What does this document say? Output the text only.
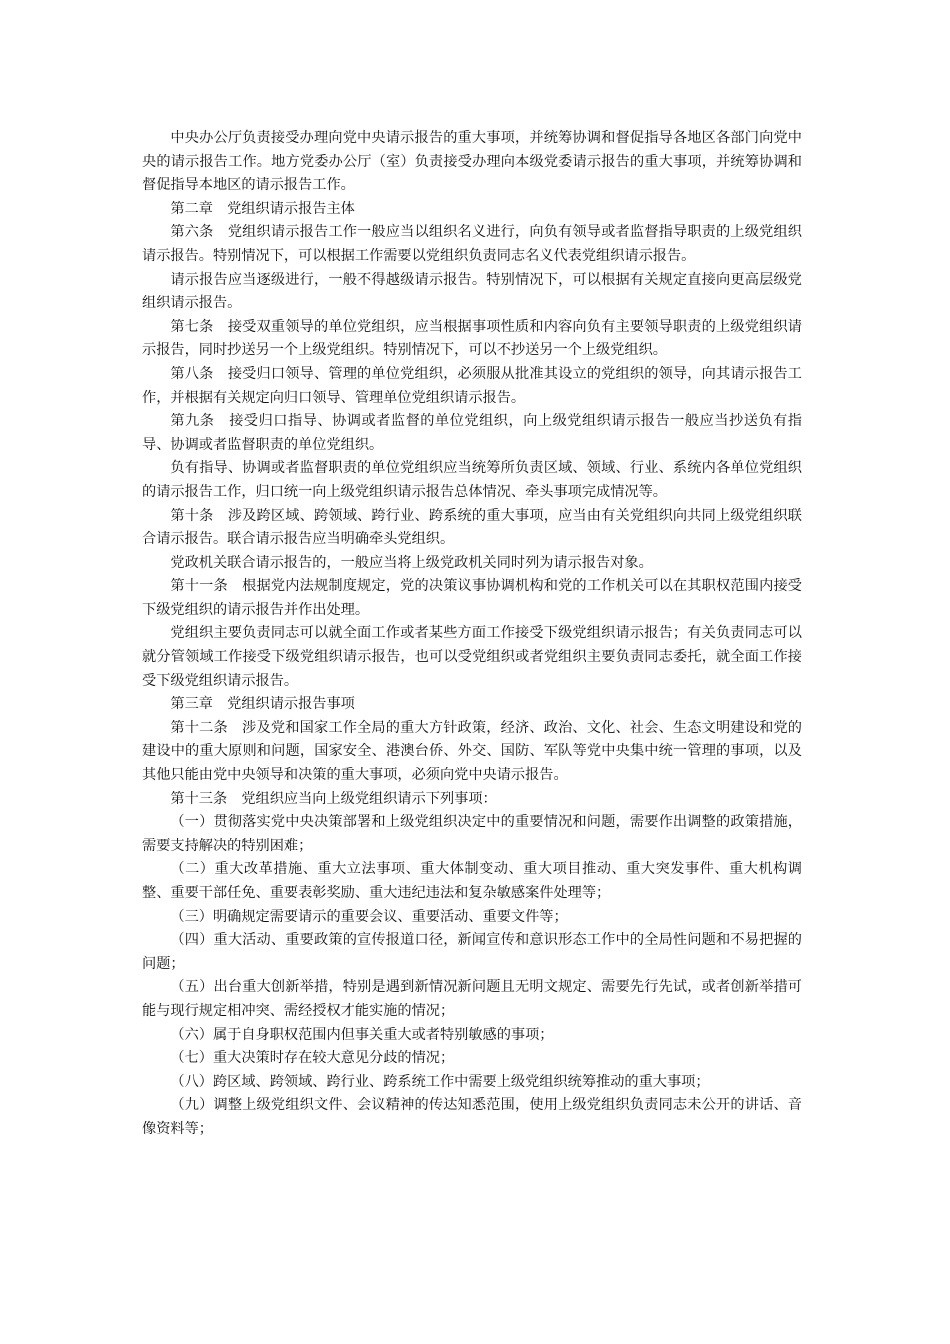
中央办公厅负责接受办理向党中央请示报告的重大事项，并统筹协调和督促指导各地区各部门向党中央的请示报告工作。地方党委办公厅（室）负责接受办理向本级党委请示报告的重大事项，并统筹协调和督促指导本地区的请示报告工作。

第二章　党组织请示报告主体

第六条　党组织请示报告工作一般应当以组织名义进行，向负有领导或者监督指导职责的上级党组织请示报告。特别情况下，可以根据工作需要以党组织负责同志名义代表党组织请示报告。

请示报告应当逐级进行，一般不得越级请示报告。特别情况下，可以根据有关规定直接向更高层级党组织请示报告。

第七条　接受双重领导的单位党组织，应当根据事项性质和内容向负有主要领导职责的上级党组织请示报告，同时抄送另一个上级党组织。特别情况下，可以不抄送另一个上级党组织。

第八条　接受归口领导、管理的单位党组织，必须服从批准其设立的党组织的领导，向其请示报告工作，并根据有关规定向归口领导、管理单位党组织请示报告。

第九条　接受归口指导、协调或者监督的单位党组织，向上级党组织请示报告一般应当抄送负有指导、协调或者监督职责的单位党组织。

负有指导、协调或者监督职责的单位党组织应当统筹所负责区域、领域、行业、系统内各单位党组织的请示报告工作，归口统一向上级党组织请示报告总体情况、牵头事项完成情况等。

第十条　涉及跨区域、跨领域、跨行业、跨系统的重大事项，应当由有关党组织向共同上级党组织联合请示报告。联合请示报告应当明确牵头党组织。

党政机关联合请示报告的，一般应当将上级党政机关同时列为请示报告对象。

第十一条　根据党内法规制度规定，党的决策议事协调机构和党的工作机关可以在其职权范围内接受下级党组织的请示报告并作出处理。

党组织主要负责同志可以就全面工作或者某些方面工作接受下级党组织请示报告；有关负责同志可以就分管领域工作接受下级党组织请示报告，也可以受党组织或者党组织主要负责同志委托，就全面工作接受下级党组织请示报告。

第三章　党组织请示报告事项

第十二条　涉及党和国家工作全局的重大方针政策，经济、政治、文化、社会、生态文明建设和党的建设中的重大原则和问题，国家安全、港澳台侨、外交、国防、军队等党中央集中统一管理的事项，以及其他只能由党中央领导和决策的重大事项，必须向党中央请示报告。

第十三条　党组织应当向上级党组织请示下列事项：

（一）贯彻落实党中央决策部署和上级党组织决定中的重要情况和问题，需要作出调整的政策措施，需要支持解决的特别困难；

（二）重大改革措施、重大立法事项、重大体制变动、重大项目推动、重大突发事件、重大机构调整、重要干部任免、重要表彰奖励、重大违纪违法和复杂敏感案件处理等；

（三）明确规定需要请示的重要会议、重要活动、重要文件等；

（四）重大活动、重要政策的宣传报道口径，新闻宣传和意识形态工作中的全局性问题和不易把握的问题；

（五）出台重大创新举措，特别是遇到新情况新问题且无明文规定、需要先行先试，或者创新举措可能与现行规定相冲突、需经授权才能实施的情况；

（六）属于自身职权范围内但事关重大或者特别敏感的事项；

（七）重大决策时存在较大意见分歧的情况；

（八）跨区域、跨领域、跨行业、跨系统工作中需要上级党组织统筹推动的重大事项；

（九）调整上级党组织文件、会议精神的传达知悉范围，使用上级党组织负责同志未公开的讲话、音像资料等；
